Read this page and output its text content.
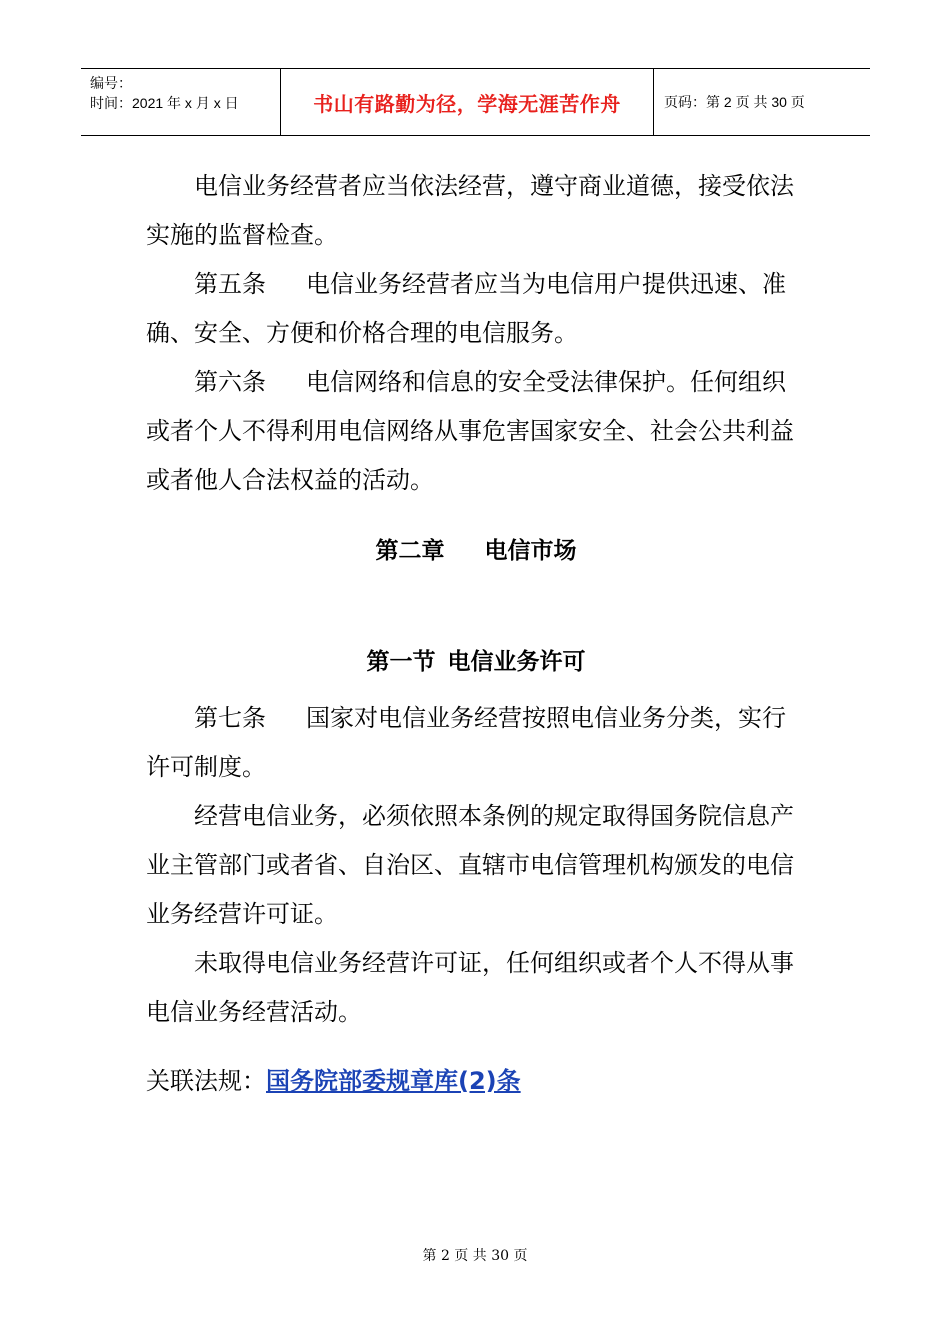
编号：
时间：2021 年 x 月 x 日	书山有路勤为径，学海无涯苦作舟	页码：第 2 页 共 30 页

电信业务经营者应当依法经营，遵守商业道德，接受依法实施的监督检查。

第五条 电信业务经营者应当为电信用户提供迅速、准确、安全、方便和价格合理的电信服务。

第六条 电信网络和信息的安全受法律保护。任何组织或者个人不得利用电信网络从事危害国家安全、社会公共利益或者他人合法权益的活动。

第二章 电信市场
第一节 电信业务许可

第七条 国家对电信业务经营按照电信业务分类，实行许可制度。

经营电信业务，必须依照本条例的规定取得国务院信息产业主管部门或者省、自治区、直辖市电信管理机构颁发的电信业务经营许可证。

未取得电信业务经营许可证，任何组织或者个人不得从事电信业务经营活动。

关联法规：国务院部委规章库(2)条
第 2 页 共 30 页
